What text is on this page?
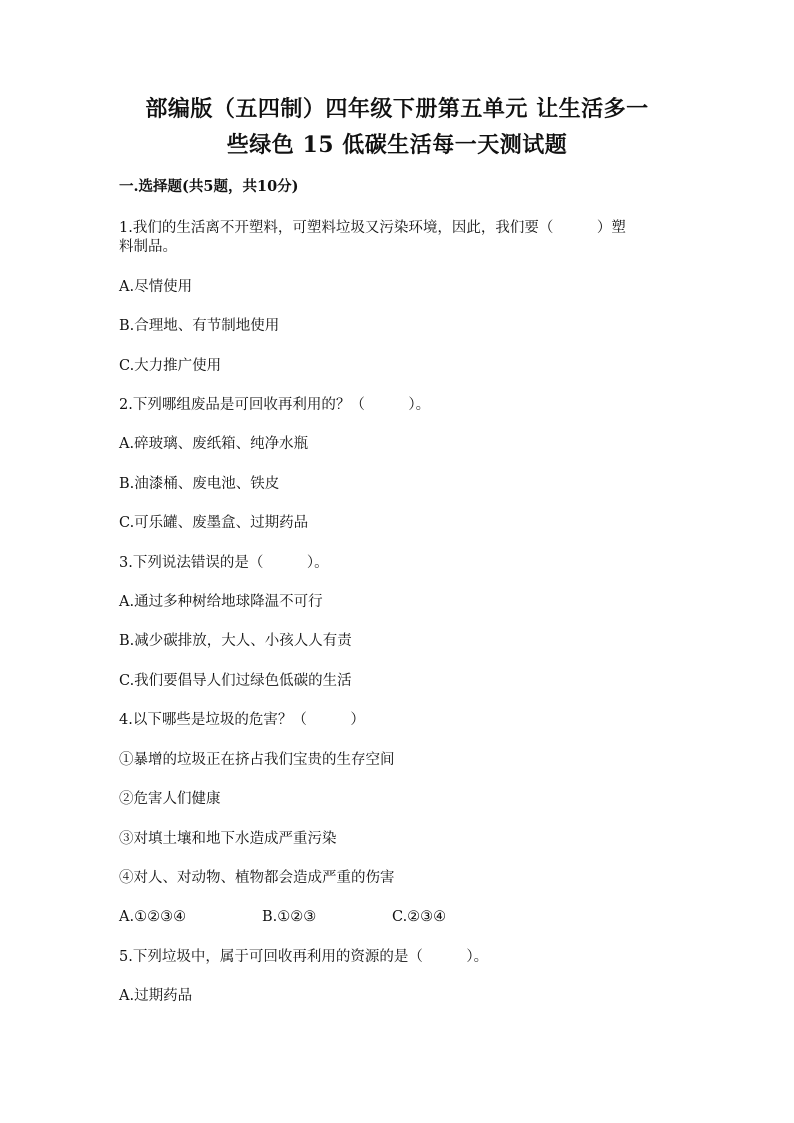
部编版（五四制）四年级下册第五单元 让生活多一
些绿色 15 低碳生活每一天测试题
一.选择题(共5题，共10分)
1.我们的生活离不开塑料，可塑料垃圾又污染环境，因此，我们要（　　　）塑
料制品。
A.尽情使用
B.合理地、有节制地使用
C.大力推广使用
2.下列哪组废品是可回收再利用的？（　　　）。
A.碎玻璃、废纸箱、纯净水瓶
B.油漆桶、废电池、铁皮
C.可乐罐、废墨盒、过期药品
3.下列说法错误的是（　　　）。
A.通过多种树给地球降温不可行
B.减少碳排放，大人、小孩人人有责
C.我们要倡导人们过绿色低碳的生活
4.以下哪些是垃圾的危害？（　　　）
①暴增的垃圾正在挤占我们宝贵的生存空间
②危害人们健康
③对填土壤和地下水造成严重污染
④对人、对动物、植物都会造成严重的伤害
A.①②③④	B.①②③	C.②③④
5.下列垃圾中，属于可回收再利用的资源的是（　　　）。
A.过期药品
